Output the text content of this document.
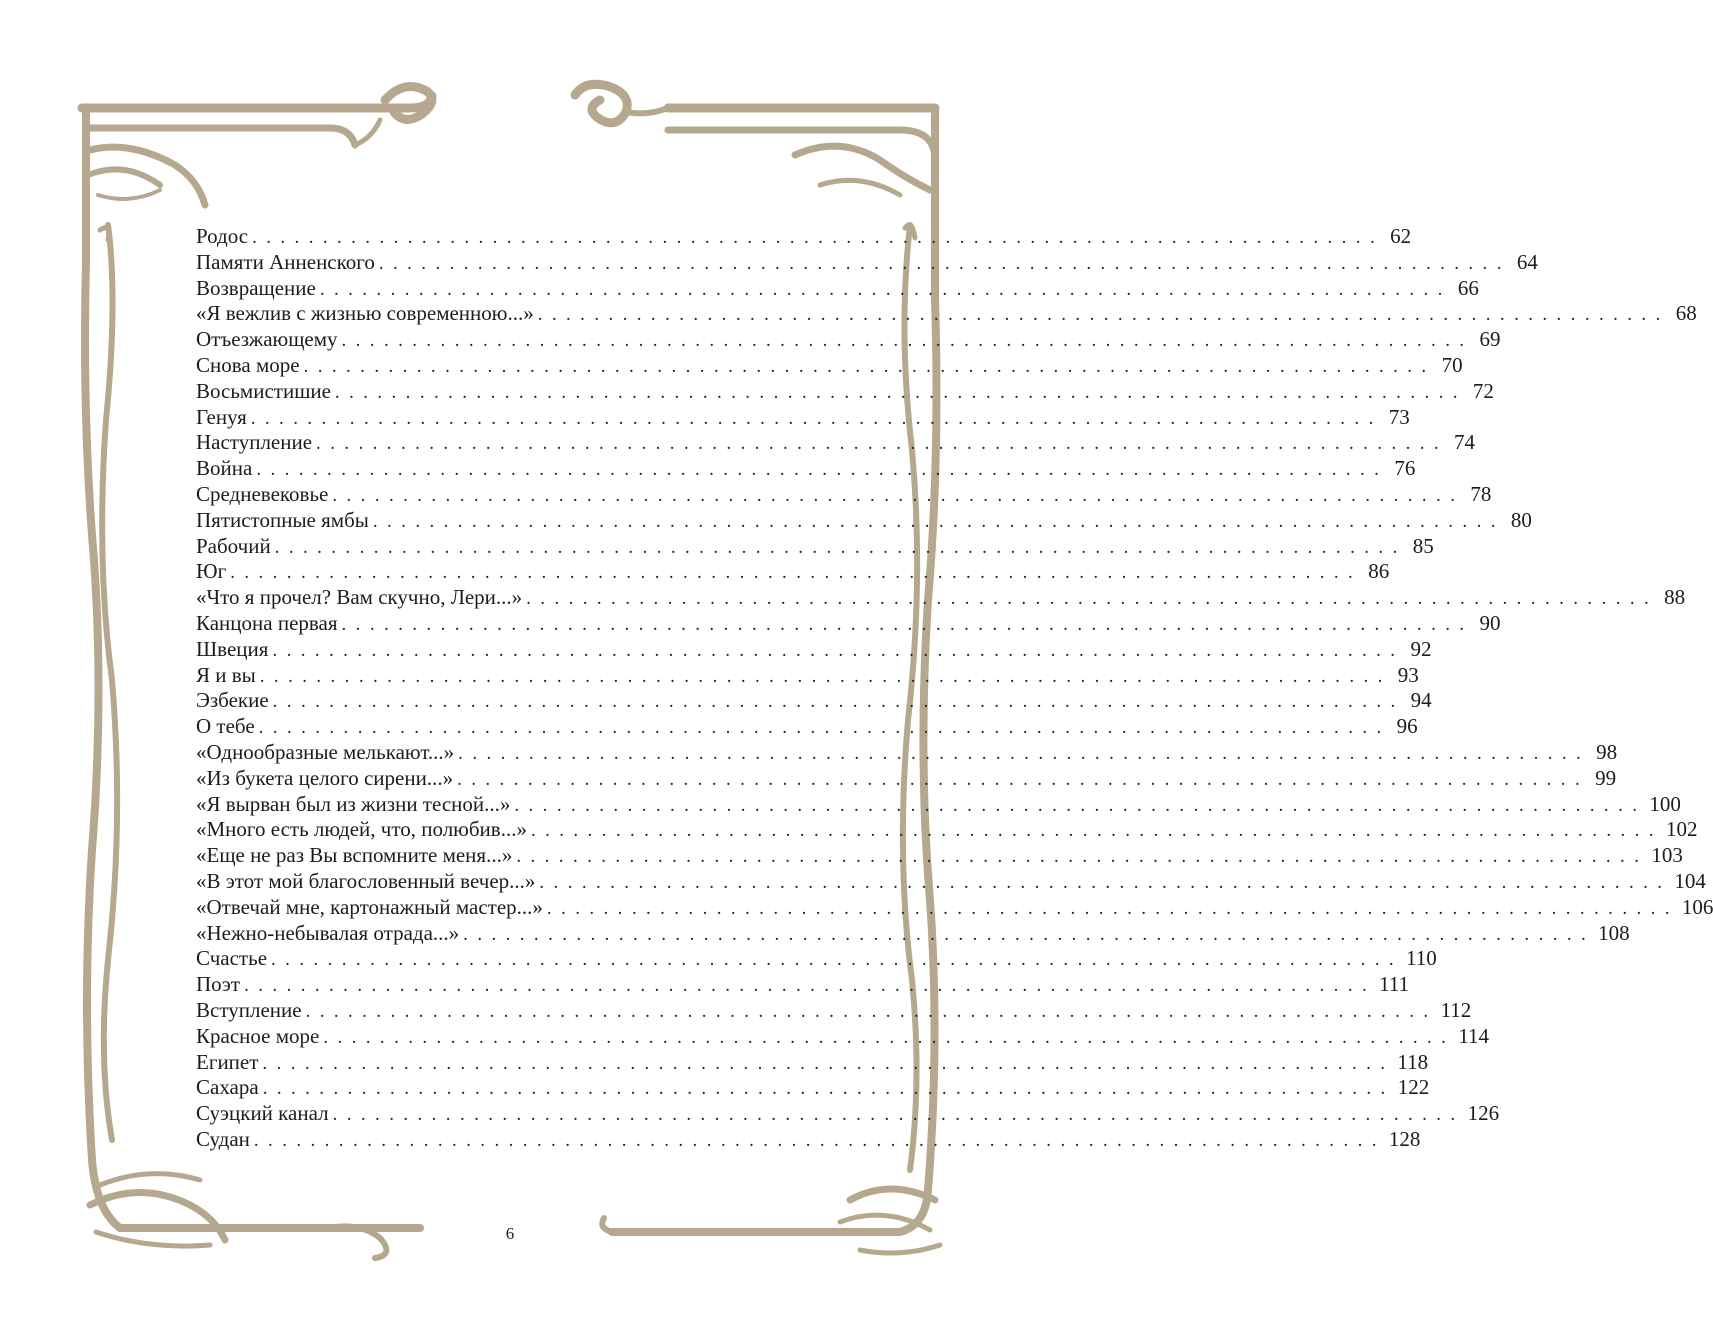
Родос ................................................................................ 62
Памяти Анненского ................................................................................ 64
Возвращение ................................................................................ 66
«Я вежлив с жизнью современною...» ................................................................................ 68
Отъезжающему ................................................................................ 69
Снова море ................................................................................ 70
Восьмистишие ................................................................................ 72
Генуя ................................................................................ 73
Наступление ................................................................................ 74
Война ................................................................................ 76
Средневековье ................................................................................ 78
Пятистопные ямбы ................................................................................ 80
Рабочий ................................................................................ 85
Юг ................................................................................ 86
«Что я прочел? Вам скучно, Лери...» ................................................................................ 88
Канцона первая ................................................................................ 90
Швеция ................................................................................ 92
Я и вы ................................................................................ 93
Эзбекие ................................................................................ 94
О тебе ................................................................................ 96
«Однообразные мелькают...» ................................................................................ 98
«Из букета целого сирени...» ................................................................................ 99
«Я вырван был из жизни тесной...» ................................................................................ 100
«Много есть людей, что, полюбив...» ................................................................................ 102
«Еще не раз Вы вспомните меня...» ................................................................................ 103
«В этот мой благословенный вечер...» ................................................................................ 104
«Отвечай мне, картонажный мастер...» ................................................................................ 106
«Нежно-небывалая отрада...» ................................................................................ 108
Счастье ................................................................................ 110
Поэт ................................................................................ 111
Вступление ................................................................................ 112
Красное море ................................................................................ 114
Египет ................................................................................ 118
Сахара ................................................................................ 122
Суэцкий канал ................................................................................ 126
Судан ................................................................................ 128
6
